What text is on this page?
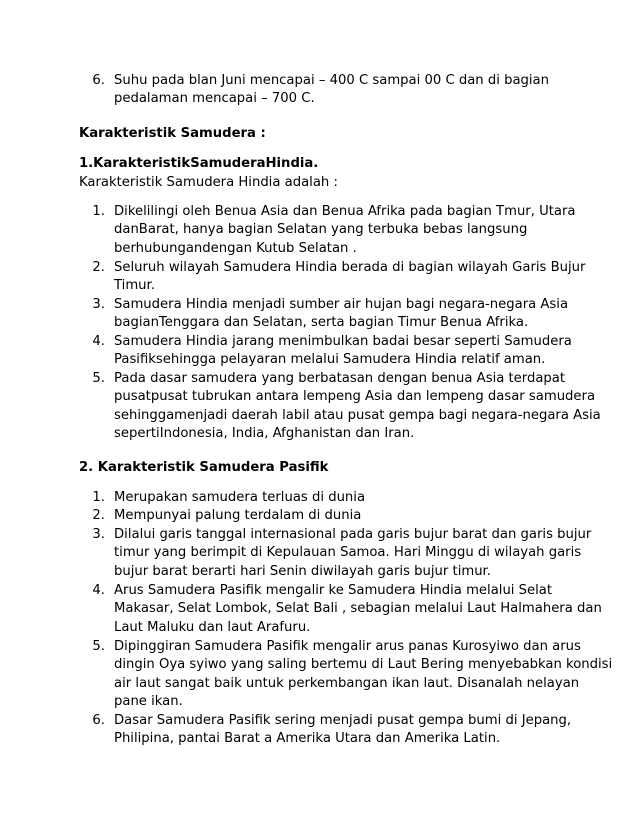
6. Suhu pada blan Juni mencapai – 400 C sampai 00 C dan di bagian
pedalaman mencapai – 700 C.
Karakteristik Samudera :
1.KarakteristikSamuderaHindia.
Karakteristik Samudera Hindia adalah :
1. Dikelilingi oleh Benua Asia dan Benua Afrika pada bagian Tmur, Utara
danBarat, hanya bagian Selatan yang terbuka bebas langsung
berhubungandengan Kutub Selatan .
2. Seluruh wilayah Samudera Hindia berada di bagian wilayah Garis Bujur
Timur.
3. Samudera Hindia menjadi sumber air hujan bagi negara-negara Asia
bagianTenggara dan Selatan, serta bagian Timur Benua Afrika.
4. Samudera Hindia jarang menimbulkan badai besar seperti Samudera
Pasifiksehingga pelayaran melalui Samudera Hindia relatif aman.
5. Pada dasar samudera yang berbatasan dengan benua Asia terdapat
pusatpusat tubrukan antara lempeng Asia dan lempeng dasar samudera
sehinggamenjadi daerah labil atau pusat gempa bagi negara-negara Asia
sepertiIndonesia, India, Afghanistan dan Iran.
2. Karakteristik Samudera Pasifik
1. Merupakan samudera terluas di dunia
2. Mempunyai palung terdalam di dunia
3. Dilalui garis tanggal internasional pada garis bujur barat dan garis bujur
timur yang berimpit di Kepulauan Samoa. Hari Minggu di wilayah garis
bujur barat berarti hari Senin diwilayah garis bujur timur.
4. Arus Samudera Pasifik mengalir ke Samudera Hindia melalui Selat
Makasar, Selat Lombok, Selat Bali , sebagian melalui Laut Halmahera dan
Laut Maluku dan laut Arafuru.
5. Dipinggiran Samudera Pasifik mengalir arus panas Kurosyiwo dan arus
dingin Oya syiwo yang saling bertemu di Laut Bering menyebabkan kondisi
air laut sangat baik untuk perkembangan ikan laut. Disanalah nelayan
pane ikan.
6. Dasar Samudera Pasifik sering menjadi pusat gempa bumi di Jepang,
Philipina, pantai Barat a Amerika Utara dan Amerika Latin.
